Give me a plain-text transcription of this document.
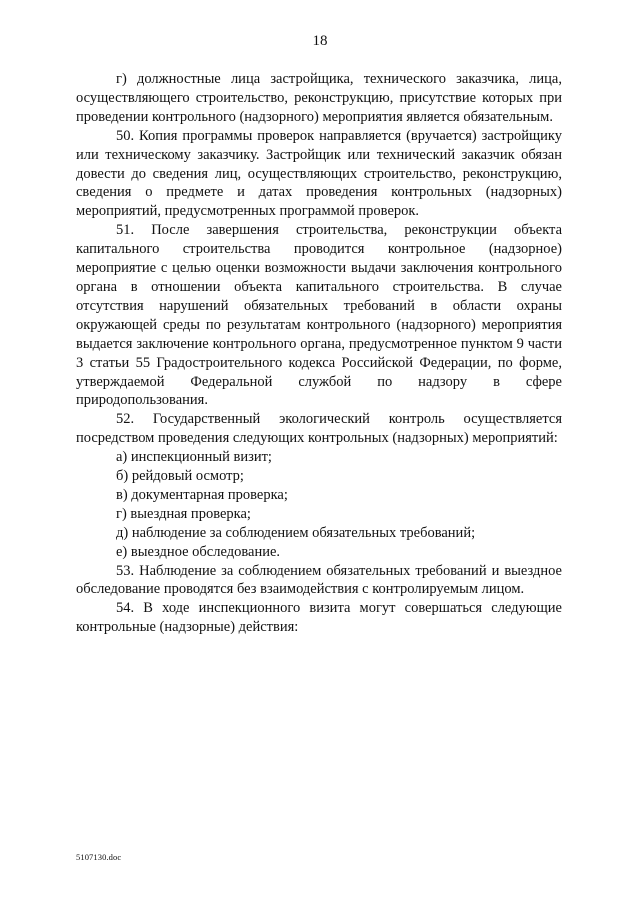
18

г) должностные лица застройщика, технического заказчика, лица, осуществляющего строительство, реконструкцию, присутствие которых при проведении контрольного (надзорного) мероприятия является обязательным.

50. Копия программы проверок направляется (вручается) застройщику или техническому заказчику. Застройщик или технический заказчик обязан довести до сведения лиц, осуществляющих строительство, реконструкцию, сведения о предмете и датах проведения контрольных (надзорных) мероприятий, предусмотренных программой проверок.

51. После завершения строительства, реконструкции объекта капитального строительства проводится контрольное (надзорное) мероприятие с целью оценки возможности выдачи заключения контрольного органа в отношении объекта капитального строительства. В случае отсутствия нарушений обязательных требований в области охраны окружающей среды по результатам контрольного (надзорного) мероприятия выдается заключение контрольного органа, предусмотренное пунктом 9 части 3 статьи 55 Градостроительного кодекса Российской Федерации, по форме, утверждаемой Федеральной службой по надзору в сфере природопользования.

52. Государственный экологический контроль осуществляется посредством проведения следующих контрольных (надзорных) мероприятий:

а) инспекционный визит;

б) рейдовый осмотр;

в) документарная проверка;

г) выездная проверка;

д) наблюдение за соблюдением обязательных требований;

е) выездное обследование.

53. Наблюдение за соблюдением обязательных требований и выездное обследование проводятся без взаимодействия с контролируемым лицом.

54. В ходе инспекционного визита могут совершаться следующие контрольные (надзорные) действия:

5107130.doc
